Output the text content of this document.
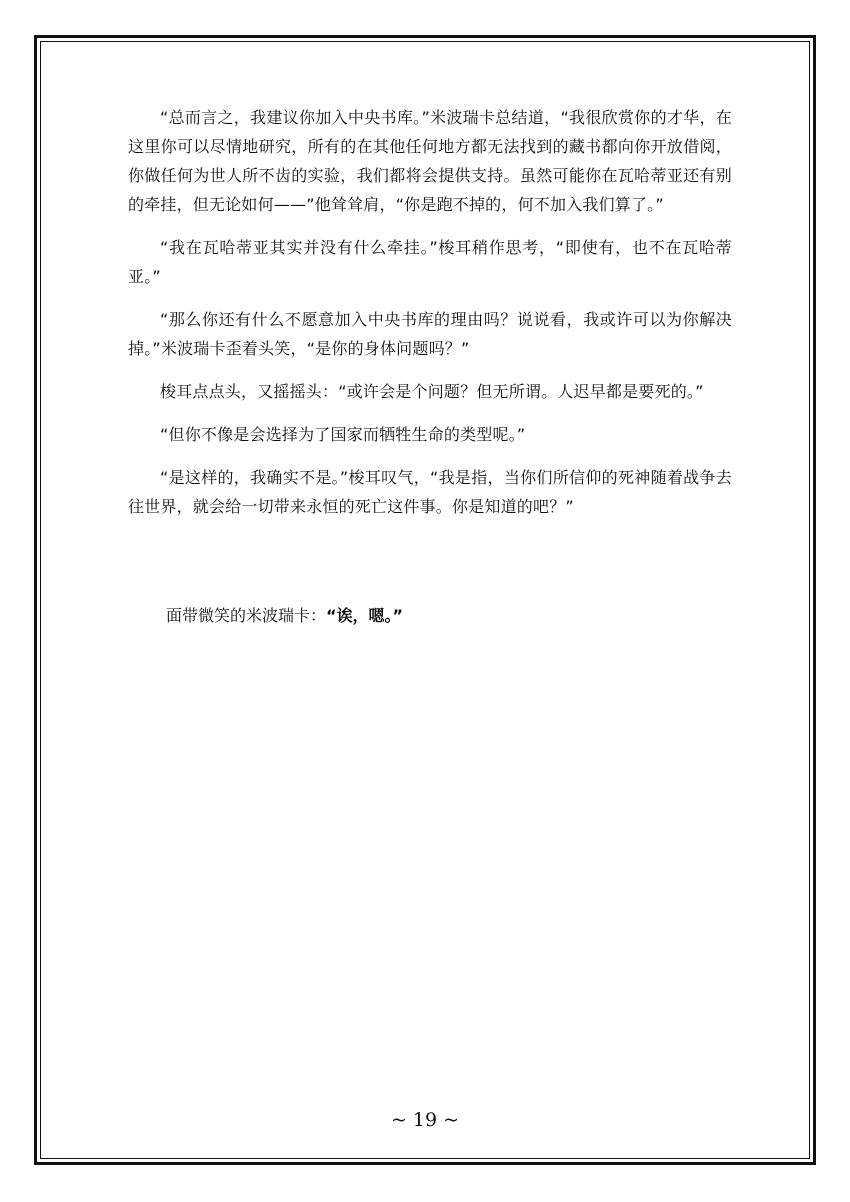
“总而言之，我建议你加入中央书库。”米波瑞卡总结道，“我很欣赏你的才华，在这里你可以尽情地研究，所有的在其他任何地方都无法找到的藏书都向你开放借阅，你做任何为世人所不齿的实验，我们都将会提供支持。虽然可能你在瓦哈蒂亚还有别的牵挂，但无论如何——”他耸耸肩，“你是跑不掉的，何不加入我们算了。”

“我在瓦哈蒂亚其实并没有什么牵挂。”梭耳稍作思考，“即使有，也不在瓦哈蒂亚。”

“那么你还有什么不愿意加入中央书库的理由吗？说说看，我或许可以为你解决掉。”米波瑞卡歪着头笑，“是你的身体问题吗？”

梭耳点点头，又摇摇头：“或许会是个问题？但无所谓。人迟早都是要死的。”

“但你不像是会选择为了国家而牺牲生命的类型呢。”

“是这样的，我确实不是。”梭耳叹气，“我是指，当你们所信仰的死神随着战争去往世界，就会给一切带来永恒的死亡这件事。你是知道的吧？”

面带微笑的米波瑞卡：“诶，嗯。”
~ 19 ~
